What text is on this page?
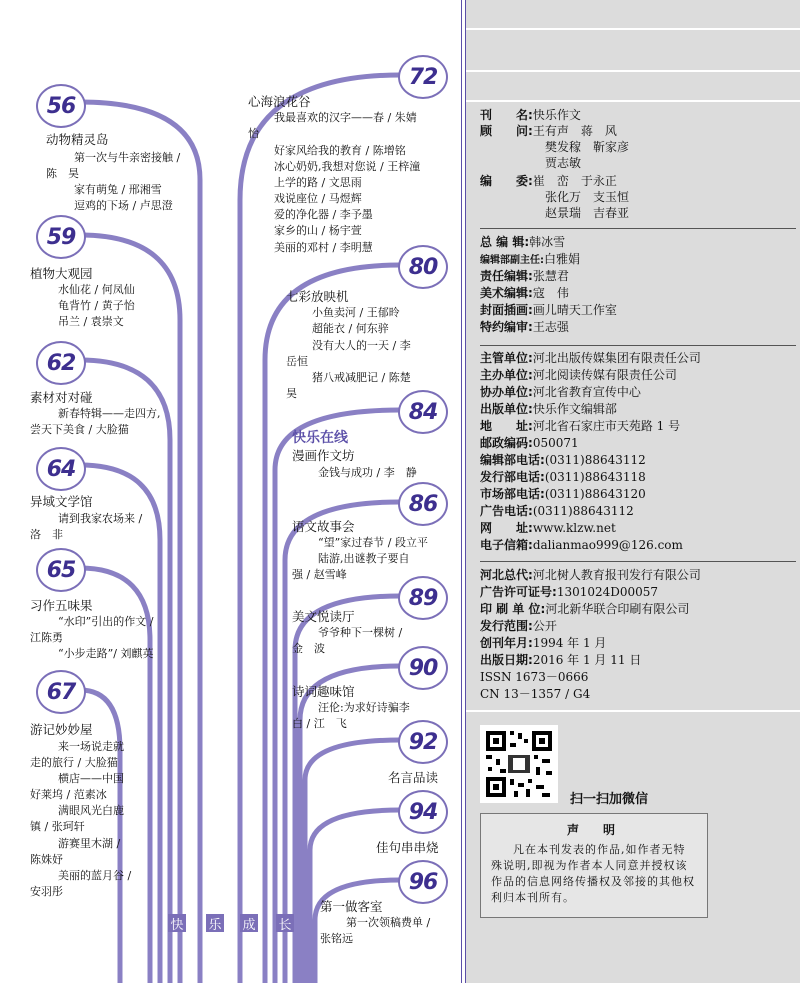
56
59
62
64
65
67
72
80
84
86
89
90
92
94
96
动物精灵岛
第一次与牛亲密接触 /
陈　昊
家有萌兔 / 邢湘雪
逗鸡的下场 / 卢思澄
植物大观园
水仙花 / 何凤仙
龟背竹 / 黄子怡
吊兰 / 袁崇文
素材对对碰
新春特辑——走四方,
尝天下美食 / 大脸猫
异域文学馆
请到我家农场来 /
洛　非
习作五味果
“水印”引出的作文 /
江陈勇
“小步走路”/ 刘麒英
游记妙妙屋
来一场说走就
走的旅行 / 大脸猫
横店——中国
好莱坞 / 范素冰
满眼风光白鹿
镇 / 张珂轩
游赛里木湖 /
陈姝妤
美丽的蓝月谷 /
安羽彤
快 乐 成 长
心海浪花谷
我最喜欢的汉字——春 / 朱婧
怡
好家风给我的教育 / 陈增铭
冰心奶奶,我想对您说 / 王梓潼
上学的路 / 文思雨
戏说座位 / 马煜辉
爱的净化器 / 李予墨
家乡的山 / 杨宇萱
美丽的邓村 / 李明慧
七彩放映机
小鱼卖河 / 王郁昤
超能衣 / 何东骍
没有大人的一天 / 李
岳恒
猪八戒减肥记 / 陈楚
昊
快乐在线
漫画作文坊
金钱与成功 / 李　静
语文故事会
“望”家过春节 / 段立平
陆游,出谜教子要自
强 / 赵雪峰
美文悦读厅
爷爷种下一棵树 /
金　波
诗词趣味馆
汪伦:为求好诗骗李
白 / 江　飞
名言品读
佳句串串烧
第一做客室
第一次领稿费单 /
张铭远
刊　　名:快乐作文
顾　　问:王有声　蒋　风
樊发稼　靳家彦
贾志敏
编　　委:崔　峦　于永正
张化万　支玉恒
赵景瑞　吉春亚
总 编 辑:韩冰雪
编辑部副主任:白雅娟
责任编辑:张慧君
美术编辑:寇　伟
封面插画:画儿晴天工作室
特约编审:王志强
主管单位:河北出版传媒集团有限责任公司
主办单位:河北阅读传媒有限责任公司
协办单位:河北省教育宣传中心
出版单位:快乐作文编辑部
地　　址:河北省石家庄市天苑路 1 号
邮政编码:050071
编辑部电话:(0311)88643112
发行部电话:(0311)88643118
市场部电话:(0311)88643120
广告电话:(0311)88643112
网　　址:www.klzw.net
电子信箱:dalianmao999@126.com
河北总代:河北树人教育报刊发行有限公司
广告许可证号:1301024D00057
印 刷 单 位:河北新华联合印刷有限公司
发行范围:公开
创刊年月:1994 年 1 月
出版日期:2016 年 1 月 11 日
ISSN 1673－0666
CN 13－1357 / G4
扫一扫加微信
声　明
凡在本刊发表的作品,如作者无特殊说明,即视为作者本人同意并授权该作品的信息网络传播权及邻接的其他权利归本刊所有。
